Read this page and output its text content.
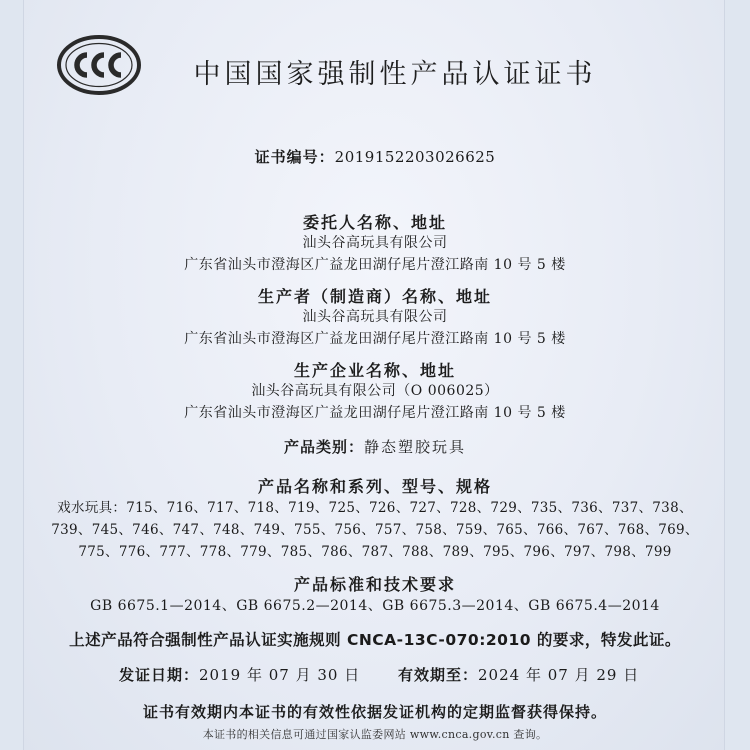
中国国家强制性产品认证证书
证书编号：2019152203026625
委托人名称、地址
汕头谷高玩具有限公司
广东省汕头市澄海区广益龙田湖仔尾片澄江路南 10 号 5 楼
生产者（制造商）名称、地址
汕头谷高玩具有限公司
广东省汕头市澄海区广益龙田湖仔尾片澄江路南 10 号 5 楼
生产企业名称、地址
汕头谷高玩具有限公司（O 006025）
广东省汕头市澄海区广益龙田湖仔尾片澄江路南 10 号 5 楼
产品类别：静态塑胶玩具
产品名称和系列、型号、规格
戏水玩具：715、716、717、718、719、725、726、727、728、729、735、736、737、738、
739、745、746、747、748、749、755、756、757、758、759、765、766、767、768、769、
775、776、777、778、779、785、786、787、788、789、795、796、797、798、799
产品标准和技术要求
GB 6675.1—2014、GB 6675.2—2014、GB 6675.3—2014、GB 6675.4—2014
上述产品符合强制性产品认证实施规则 CNCA-13C-070:2010 的要求，特发此证。
发证日期：2019 年 07 月 30 日	有效期至：2024 年 07 月 29 日
证书有效期内本证书的有效性依据发证机构的定期监督获得保持。
本证书的相关信息可通过国家认监委网站 www.cnca.gov.cn 查询。
